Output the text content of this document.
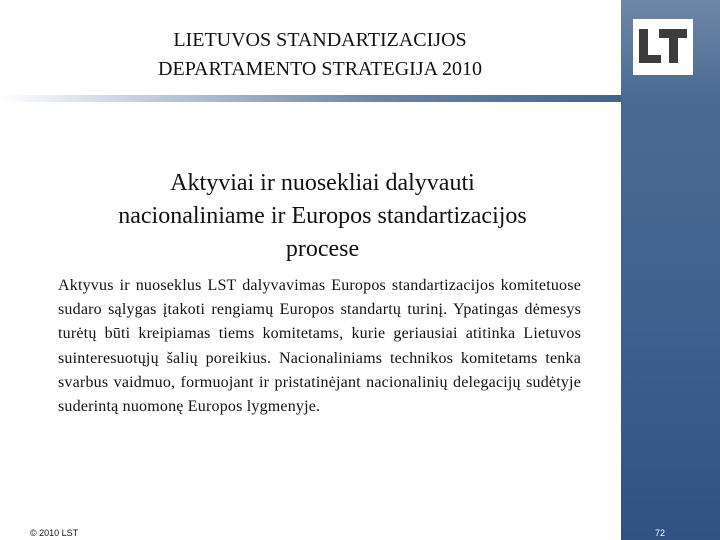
LIETUVOS STANDARTIZACIJOS
DEPARTAMENTO STRATEGIJA 2010
Aktyviai ir nuosekliai dalyvauti
nacionaliniame ir Europos standartizacijos
procese
Aktyvus ir nuoseklus LST dalyvavimas Europos standartizacijos komitetuose sudaro sąlygas įtakoti rengiamų Europos standartų turinį. Ypatingas dėmesys turėtų būti kreipiamas tiems komitetams, kurie geriausiai atitinka Lietuvos suinteresuotųjų šalių poreikius. Nacionaliniams technikos komitetams tenka svarbus vaidmuo, formuojant ir pristatinėjant nacionalinių delegacijų sudėtyje suderintą nuomonę Europos lygmenyje.
© 2010 LST	72
